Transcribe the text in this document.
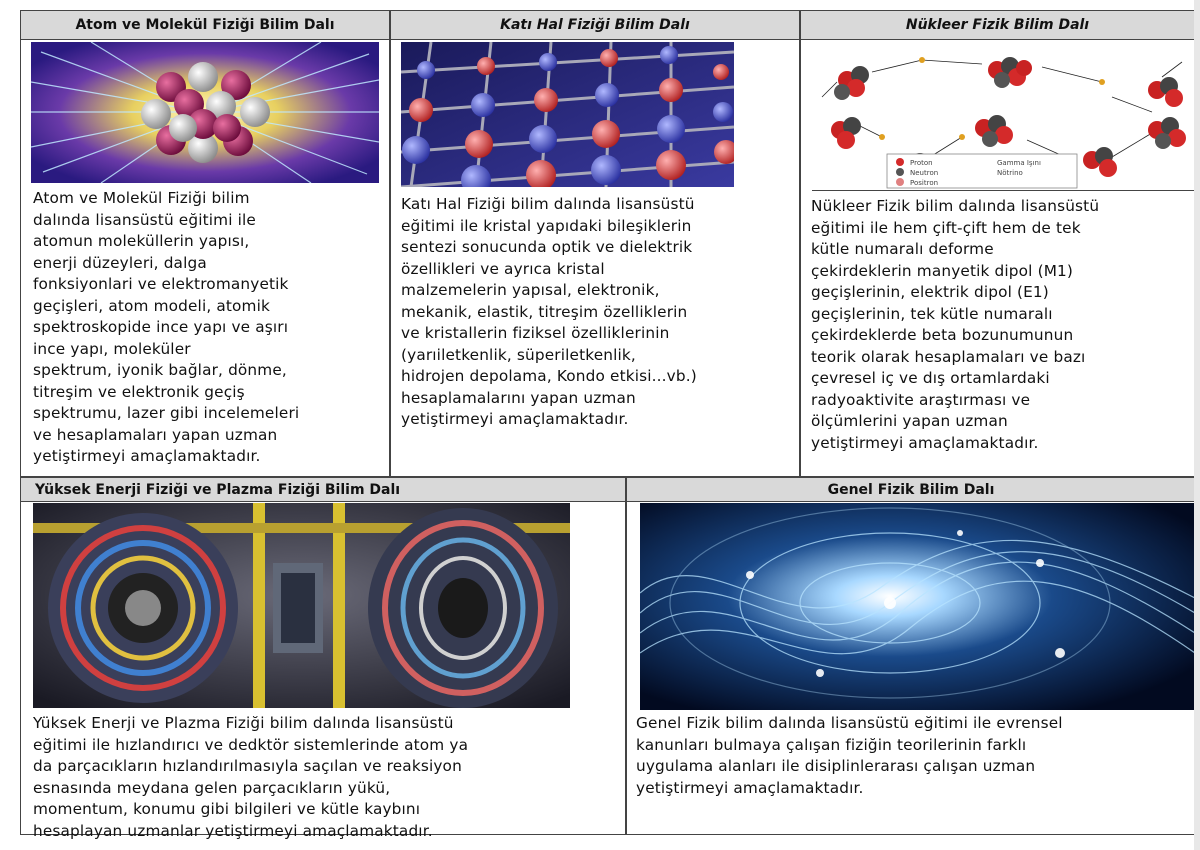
Atom ve Molekül Fiziği Bilim Dalı
Atom ve Molekül Fiziği bilim
dalında lisansüstü eğitimi ile
atomun moleküllerin yapısı,
enerji düzeyleri, dalga
fonksiyonlari ve elektromanyetik
geçişleri, atom modeli, atomik
spektroskopide ince yapı ve aşırı
ince yapı, moleküler
spektrum, iyonik bağlar, dönme,
titreşim ve elektronik geçiş
spektrumu, lazer gibi incelemeleri
ve hesaplamaları yapan uzman
yetiştirmeyi amaçlamaktadır.
Katı Hal Fiziği Bilim Dalı
Katı Hal Fiziği bilim dalında lisansüstü
eğitimi ile kristal yapıdaki bileşiklerin
sentezi sonucunda optik ve dielektrik
özellikleri ve ayrıca kristal
malzemelerin yapısal, elektronik,
mekanik, elastik, titreşim özelliklerin
ve kristallerin fiziksel özelliklerinin
(yarıiletkenlik, süperiletkenlik,
hidrojen depolama, Kondo etkisi...vb.)
hesaplamalarını yapan uzman
yetiştirmeyi amaçlamaktadır.
Nükleer Fizik Bilim Dalı
Proton
Neutron
Positron
Gamma Işını
Nötrino
Nükleer Fizik bilim dalında lisansüstü
eğitimi ile hem çift-çift hem de tek
kütle numaralı deforme
çekirdeklerin manyetik dipol (M1)
geçişlerinin, elektrik dipol (E1)
geçişlerinin, tek kütle numaralı
çekirdeklerde beta bozunumunun
teorik olarak hesaplamaları ve bazı
çevresel iç ve dış ortamlardaki
radyoaktivite araştırması ve
ölçümlerini yapan uzman
yetiştirmeyi amaçlamaktadır.
Yüksek Enerji Fiziği ve Plazma Fiziği Bilim Dalı
Yüksek Enerji ve Plazma Fiziği bilim dalında lisansüstü
eğitimi ile hızlandırıcı ve dedktör sistemlerinde atom ya
da parçacıkların hızlandırılmasıyla saçılan ve reaksiyon
esnasında meydana gelen parçacıkların yükü,
momentum, konumu gibi bilgileri ve kütle kaybını
hesaplayan uzmanlar yetiştirmeyi amaçlamaktadır.
Genel Fizik Bilim Dalı
Genel Fizik bilim dalında lisansüstü eğitimi ile evrensel
kanunları bulmaya çalışan fiziğin teorilerinin farklı
uygulama alanları ile disiplinlerarası çalışan uzman
yetiştirmeyi amaçlamaktadır.
